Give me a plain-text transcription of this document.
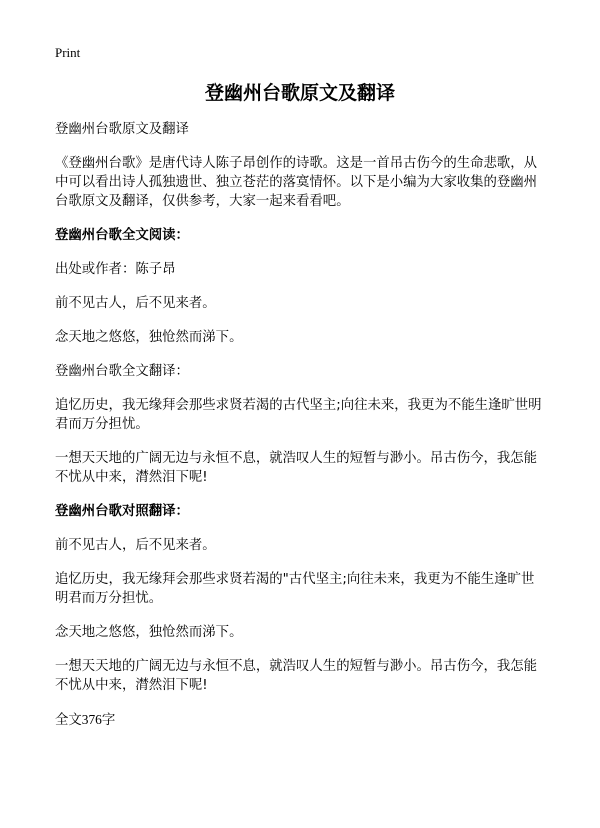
Print
登幽州台歌原文及翻译

登幽州台歌原文及翻译

《登幽州台歌》是唐代诗人陈子昂创作的诗歌。这是一首吊古伤今的生命悲歌，从中可以看出诗人孤独遗世、独立苍茫的落寞情怀。以下是小编为大家收集的登幽州台歌原文及翻译，仅供参考，大家一起来看看吧。

登幽州台歌全文阅读：

出处或作者：陈子昂

前不见古人，后不见来者。

念天地之悠悠，独怆然而涕下。

登幽州台歌全文翻译：

追忆历史，我无缘拜会那些求贤若渴的古代坚主;向往未来，我更为不能生逢旷世明君而万分担忧。

一想天天地的广阔无边与永恒不息，就浩叹人生的短暂与渺小。吊古伤今，我怎能不忧从中来，潸然泪下呢!

登幽州台歌对照翻译：

前不见古人，后不见来者。

追忆历史，我无缘拜会那些求贤若渴的"古代坚主;向往未来，我更为不能生逢旷世明君而万分担忧。

念天地之悠悠，独怆然而涕下。

一想天天地的广阔无边与永恒不息，就浩叹人生的短暂与渺小。吊古伤今，我怎能不忧从中来，潸然泪下呢!

全文376字
